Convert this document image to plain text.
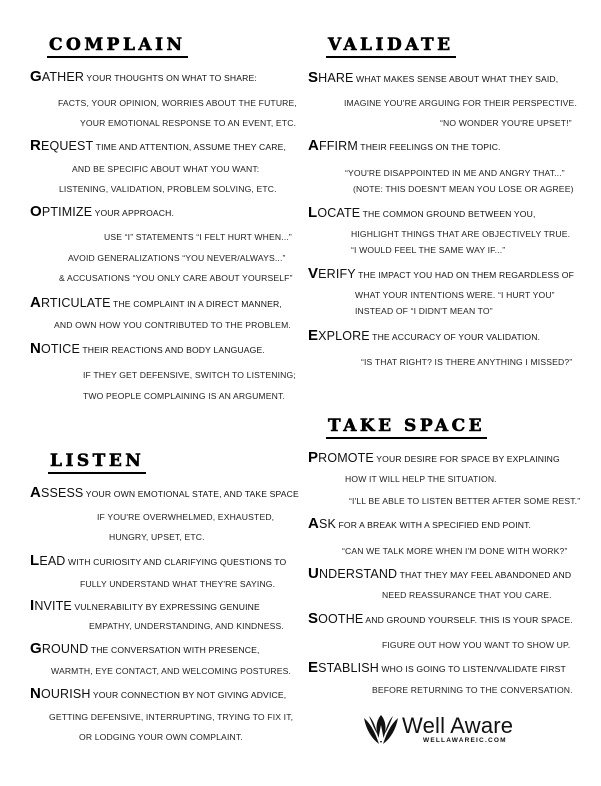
COMPLAIN
GATHER YOUR THOUGHTS ON WHAT TO SHARE:
FACTS, YOUR OPINION, WORRIES ABOUT THE FUTURE,
YOUR EMOTIONAL RESPONSE TO AN EVENT, ETC.
REQUEST TIME AND ATTENTION, ASSUME THEY CARE,
AND BE SPECIFIC ABOUT WHAT YOU WANT:
LISTENING, VALIDATION, PROBLEM SOLVING, ETC.
OPTIMIZE YOUR APPROACH.
USE “I” STATEMENTS “I FELT HURT WHEN...”
AVOID GENERALIZATIONS “YOU NEVER/ALWAYS...”
& ACCUSATIONS “YOU ONLY CARE ABOUT YOURSELF”
ARTICULATE THE COMPLAINT IN A DIRECT MANNER,
AND OWN HOW YOU CONTRIBUTED TO THE PROBLEM.
NOTICE THEIR REACTIONS AND BODY LANGUAGE.
IF THEY GET DEFENSIVE, SWITCH TO LISTENING;
TWO PEOPLE COMPLAINING IS AN ARGUMENT.
LISTEN
ASSESS YOUR OWN EMOTIONAL STATE, AND TAKE SPACE
IF YOU'RE OVERWHELMED, EXHAUSTED,
HUNGRY, UPSET, ETC.
LEAD WITH CURIOSITY AND CLARIFYING QUESTIONS TO
FULLY UNDERSTAND WHAT THEY'RE SAYING.
INVITE VULNERABILITY BY EXPRESSING GENUINE
EMPATHY, UNDERSTANDING, AND KINDNESS.
GROUND THE CONVERSATION WITH PRESENCE,
WARMTH, EYE CONTACT, AND WELCOMING POSTURES.
NOURISH YOUR CONNECTION BY NOT GIVING ADVICE,
GETTING DEFENSIVE, INTERRUPTING, TRYING TO FIX IT,
OR LODGING YOUR OWN COMPLAINT.
VALIDATE
SHARE WHAT MAKES SENSE ABOUT WHAT THEY SAID,
IMAGINE YOU'RE ARGUING FOR THEIR PERSPECTIVE.
“NO WONDER YOU'RE UPSET!”
AFFIRM THEIR FEELINGS ON THE TOPIC.
“YOU'RE DISAPPOINTED IN ME AND ANGRY THAT...”
(NOTE: THIS DOESN'T MEAN YOU LOSE OR AGREE)
LOCATE THE COMMON GROUND BETWEEN YOU,
HIGHLIGHT THINGS THAT ARE OBJECTIVELY TRUE.
“I WOULD FEEL THE SAME WAY IF...”
VERIFY THE IMPACT YOU HAD ON THEM REGARDLESS OF
WHAT YOUR INTENTIONS WERE. “I HURT YOU”
INSTEAD OF “I DIDN'T MEAN TO”
EXPLORE THE ACCURACY OF YOUR VALIDATION.
“IS THAT RIGHT? IS THERE ANYTHING I MISSED?”
TAKE SPACE
PROMOTE YOUR DESIRE FOR SPACE BY EXPLAINING
HOW IT WILL HELP THE SITUATION.
“I'LL BE ABLE TO LISTEN BETTER AFTER SOME REST.”
ASK FOR A BREAK WITH A SPECIFIED END POINT.
“CAN WE TALK MORE WHEN I'M DONE WITH WORK?”
UNDERSTAND THAT THEY MAY FEEL ABANDONED AND
NEED REASSURANCE THAT YOU CARE.
SOOTHE AND GROUND YOURSELF. THIS IS YOUR SPACE.
FIGURE OUT HOW YOU WANT TO SHOW UP.
ESTABLISH WHO IS GOING TO LISTEN/VALIDATE FIRST
BEFORE RETURNING TO THE CONVERSATION.
Well Aware
WELLAWAREIC.COM
